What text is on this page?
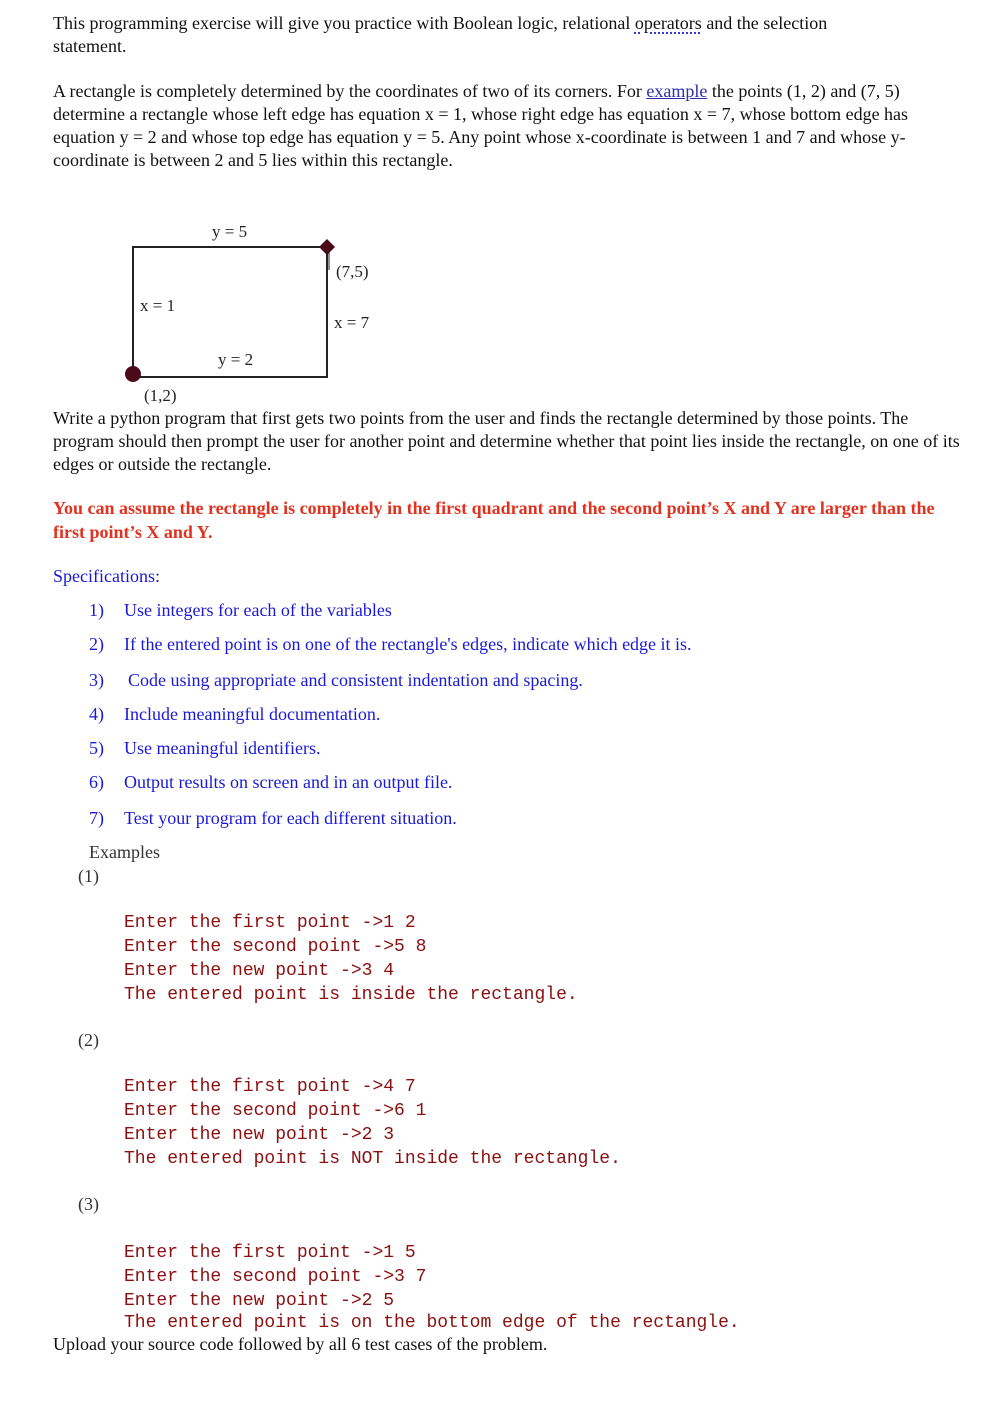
This programming exercise will give you practice with Boolean logic, relational operators and the selection
statement.

A rectangle is completely determined by the coordinates of two of its corners. For example the points (1, 2) and (7, 5) determine a rectangle whose left edge has equation x = 1, whose right edge has equation x = 7, whose bottom edge has equation y = 2 and whose top edge has equation y = 5. Any point whose x-coordinate is between 1 and 7 and whose y-coordinate is between 2 and 5 lies within this rectangle.

y = 5
y = 2
x = 1
x = 7
(7,5)
(1,2)

Write a python program that first gets two points from the user and finds the rectangle determined by those points. The program should then prompt the user for another point and determine whether that point lies inside the rectangle, on one of its edges or outside the rectangle.

You can assume the rectangle is completely in the first quadrant and the second point’s X and Y are larger than the first point’s X and Y.

Specifications:
1) Use integers for each of the variables
2) If the entered point is on one of the rectangle's edges, indicate which edge it is.
3) Code using appropriate and consistent indentation and spacing.
4) Include meaningful documentation.
5) Use meaningful identifiers.
6) Output results on screen and in an output file.
7) Test your program for each different situation.
Examples
(1)

Enter the first point ->1 2
Enter the second point ->5 8
Enter the new point ->3 4
The entered point is inside the rectangle.
(2)

Enter the first point ->4 7
Enter the second point ->6 1
Enter the new point ->2 3
The entered point is NOT inside the rectangle.
(3)

Enter the first point ->1 5
Enter the second point ->3 7
Enter the new point ->2 5
The entered point is on the bottom edge of the rectangle.
Upload your source code followed by all 6 test cases of the problem.
